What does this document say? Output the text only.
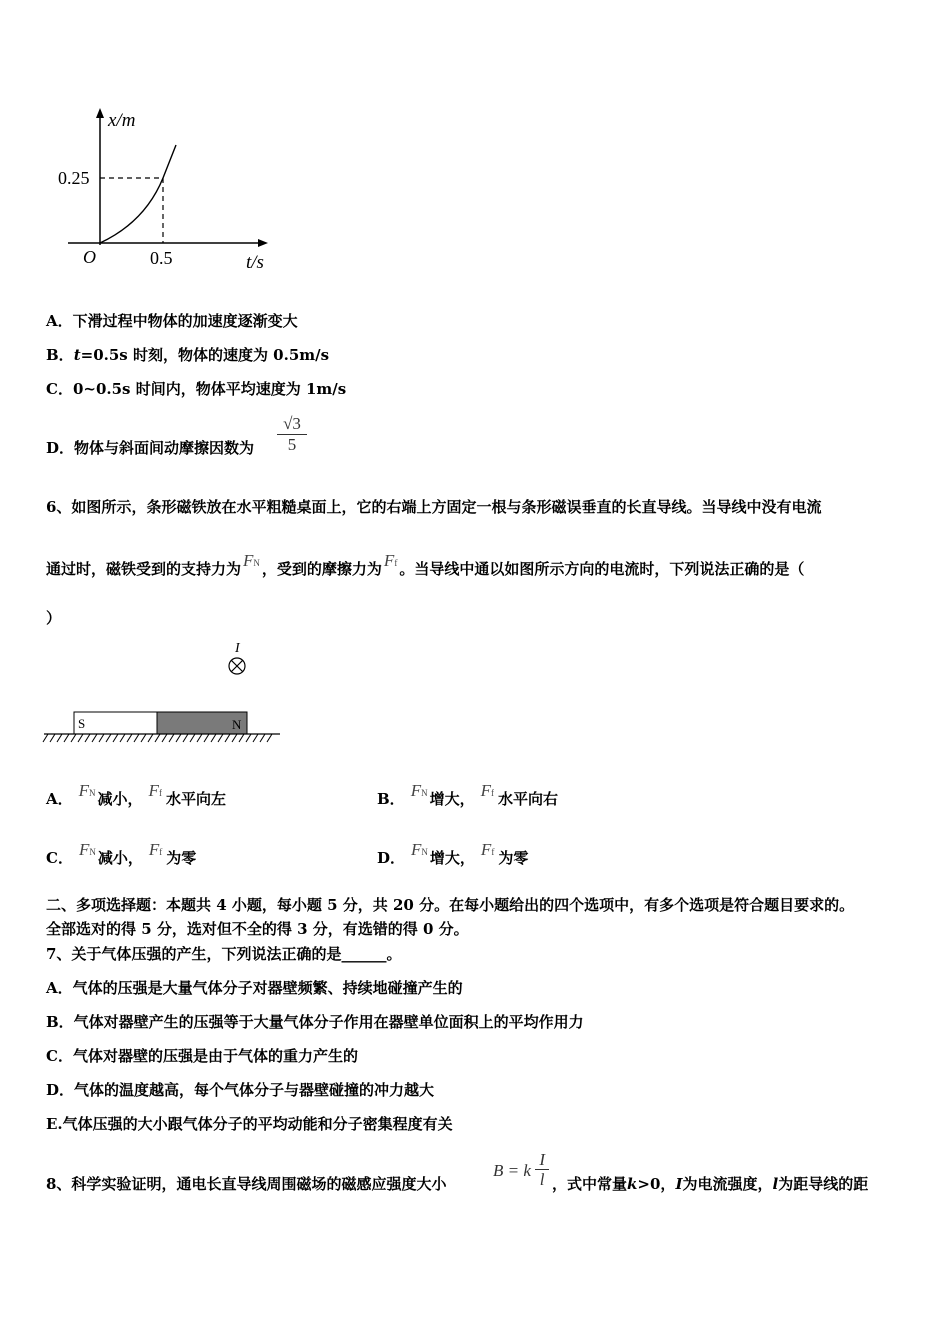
x/m
0.25
O	0.5	t/s
A．下滑过程中物体的加速度逐渐变大
B．t=0.5s 时刻，物体的速度为 0.5m/s
C．0~0.5s 时间内，物体平均速度为 1m/s
D．物体与斜面间动摩擦因数为 $\frac{√3}{5}$
6、如图所示，条形磁铁放在水平粗糙桌面上，它的右端上方固定一根与条形磁误垂直的长直导线。当导线中没有电流
通过时，磁铁受到的支持力为 FN ，受到的摩擦力为 Ff 。当导线中通以如图所示方向的电流时，下列说法正确的是（
）
I
S	N
A． FN 减小， Ff 水平向左	B． FN 增大， Ff 水平向右
C． FN 减小， Ff 为零	D． FN 增大， Ff 为零
二、多项选择题：本题共 4 小题，每小题 5 分，共 20 分。在每小题给出的四个选项中，有多个选项是符合题目要求的。
全部选对的得 5 分，选对但不全的得 3 分，有选错的得 0 分。
7、关于气体压强的产生，下列说法正确的是______。
A．气体的压强是大量气体分子对器壁频繁、持续地碰撞产生的
B．气体对器壁产生的压强等于大量气体分子作用在器壁单位面积上的平均作用力
C．气体对器壁的压强是由于气体的重力产生的
D．气体的温度越高，每个气体分子与器壁碰撞的冲力越大
E.气体压强的大小跟气体分子的平均动能和分子密集程度有关
8、科学实验证明，通电长直导线周围磁场的磁感应强度大小
B = k $\frac{I}{l}$ ，式中常量k>0，I为电流强度，l为距导线的距
